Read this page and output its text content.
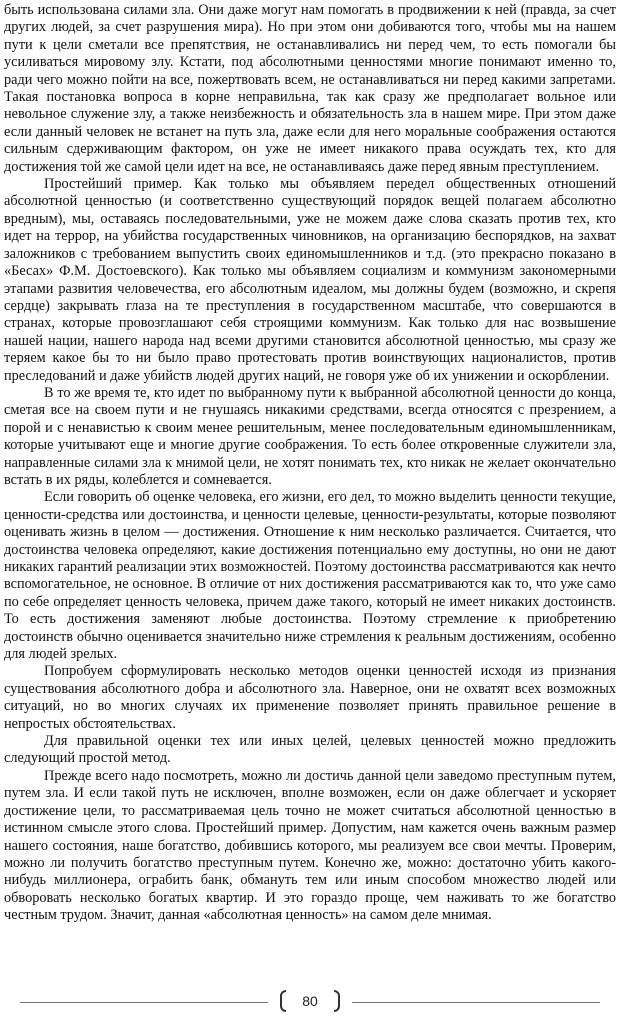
быть использована силами зла. Они даже могут нам помогать в продвижении к ней (правда, за счет других людей, за счет разрушения мира). Но при этом они добиваются того, чтобы мы на нашем пути к цели сметали все препятствия, не останавливались ни перед чем, то есть помогали бы усиливаться мировому злу. Кстати, под абсолютными ценностями многие понимают именно то, ради чего можно пойти на все, пожертвовать всем, не останавливаться ни перед какими запретами. Такая постановка вопроса в корне неправильна, так как сразу же предполагает вольное или невольное служение злу, а также неизбежность и обязательность зла в нашем мире. При этом даже если данный человек не встанет на путь зла, даже если для него моральные соображения остаются сильным сдерживающим фактором, он уже не имеет никакого права осуждать тех, кто для достижения той же самой цели идет на все, не останавливаясь даже перед явным преступлением.

Простейший пример. Как только мы объявляем передел общественных отношений абсолютной ценностью (и соответственно существующий порядок вещей полагаем абсолютно вредным), мы, оставаясь последовательными, уже не можем даже слова сказать против тех, кто идет на террор, на убийства государственных чиновников, на организацию беспорядков, на захват заложников с требованием выпустить своих единомышленников и т.д. (это прекрасно показано в «Бесах» Ф.М. Достоевского). Как только мы объявляем социализм и коммунизм закономерными этапами развития человечества, его абсолютным идеалом, мы должны будем (возможно, и скрепя сердце) закрывать глаза на те преступления в государственном масштабе, что совершаются в странах, которые провозглашают себя строящими коммунизм. Как только для нас возвышение нашей нации, нашего народа над всеми другими становится абсолютной ценностью, мы сразу же теряем какое бы то ни было право протестовать против воинствующих националистов, против преследований и даже убийств людей других наций, не говоря уже об их унижении и оскорблении.

В то же время те, кто идет по выбранному пути к выбранной абсолютной ценности до конца, сметая все на своем пути и не гнушаясь никакими средствами, всегда относятся с презрением, а порой и с ненавистью к своим менее решительным, менее последовательным единомышленникам, которые учитывают еще и многие другие соображения. То есть более откровенные служители зла, направленные силами зла к мнимой цели, не хотят понимать тех, кто никак не желает окончательно встать в их ряды, колеблется и сомневается.

Если говорить об оценке человека, его жизни, его дел, то можно выделить ценности текущие, ценности-средства или достоинства, и ценности целевые, ценности-результаты, которые позволяют оценивать жизнь в целом — достижения. Отношение к ним несколько различается. Считается, что достоинства человека определяют, какие достижения потенциально ему доступны, но они не дают никаких гарантий реализации этих возможностей. Поэтому достоинства рассматриваются как нечто вспомогательное, не основное. В отличие от них достижения рассматриваются как то, что уже само по себе определяет ценность человека, причем даже такого, который не имеет никаких достоинств. То есть достижения заменяют любые достоинства. Поэтому стремление к приобретению достоинств обычно оценивается значительно ниже стремления к реальным достижениям, особенно для людей зрелых.

Попробуем сформулировать несколько методов оценки ценностей исходя из признания существования абсолютного добра и абсолютного зла. Наверное, они не охватят всех возможных ситуаций, но во многих случаях их применение позволяет принять правильное решение в непростых обстоятельствах.

Для правильной оценки тех или иных целей, целевых ценностей можно предложить следующий простой метод.

Прежде всего надо посмотреть, можно ли достичь данной цели заведомо преступным путем, путем зла. И если такой путь не исключен, вполне возможен, если он даже облегчает и ускоряет достижение цели, то рассматриваемая цель точно не может считаться абсолютной ценностью в истинном смысле этого слова. Простейший пример. Допустим, нам кажется очень важным размер нашего состояния, наше богатство, добившись которого, мы реализуем все свои мечты. Проверим, можно ли получить богатство преступным путем. Конечно же, можно: достаточно убить какого-нибудь миллионера, ограбить банк, обмануть тем или иным способом множество людей или обворовать несколько богатых квартир. И это гораздо проще, чем наживать то же богатство честным трудом. Значит, данная «абсолютная ценность» на самом деле мнимая.

80
